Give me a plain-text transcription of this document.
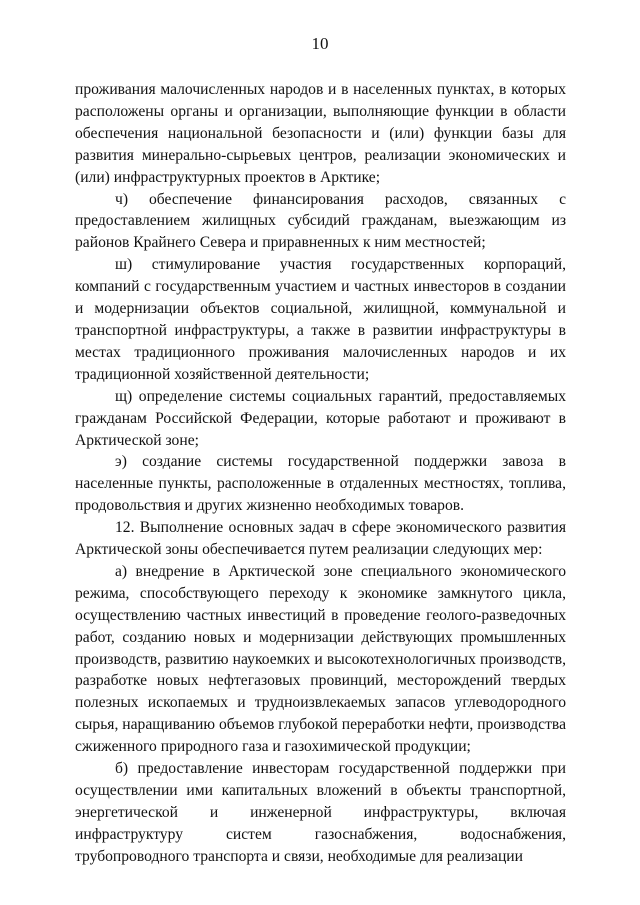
10

проживания малочисленных народов и в населенных пунктах, в которых расположены органы и организации, выполняющие функции в области обеспечения национальной безопасности и (или) функции базы для развития минерально-сырьевых центров, реализации экономических и (или) инфраструктурных проектов в Арктике;

ч) обеспечение финансирования расходов, связанных с предоставлением жилищных субсидий гражданам, выезжающим из районов Крайнего Севера и приравненных к ним местностей;

ш) стимулирование участия государственных корпораций, компаний с государственным участием и частных инвесторов в создании и модернизации объектов социальной, жилищной, коммунальной и транспортной инфраструктуры, а также в развитии инфраструктуры в местах традиционного проживания малочисленных народов и их традиционной хозяйственной деятельности;

щ) определение системы социальных гарантий, предоставляемых гражданам Российской Федерации, которые работают и проживают в Арктической зоне;

э) создание системы государственной поддержки завоза в населенные пункты, расположенные в отдаленных местностях, топлива, продовольствия и других жизненно необходимых товаров.

12. Выполнение основных задач в сфере экономического развития Арктической зоны обеспечивается путем реализации следующих мер:

а) внедрение в Арктической зоне специального экономического режима, способствующего переходу к экономике замкнутого цикла, осуществлению частных инвестиций в проведение геолого-разведочных работ, созданию новых и модернизации действующих промышленных производств, развитию наукоемких и высокотехнологичных производств, разработке новых нефтегазовых провинций, месторождений твердых полезных ископаемых и трудноизвлекаемых запасов углеводородного сырья, наращиванию объемов глубокой переработки нефти, производства сжиженного природного газа и газохимической продукции;

б) предоставление инвесторам государственной поддержки при осуществлении ими капитальных вложений в объекты транспортной, энергетической и инженерной инфраструктуры, включая инфраструктуру систем газоснабжения, водоснабжения, трубопроводного транспорта и связи, необходимые для реализации
